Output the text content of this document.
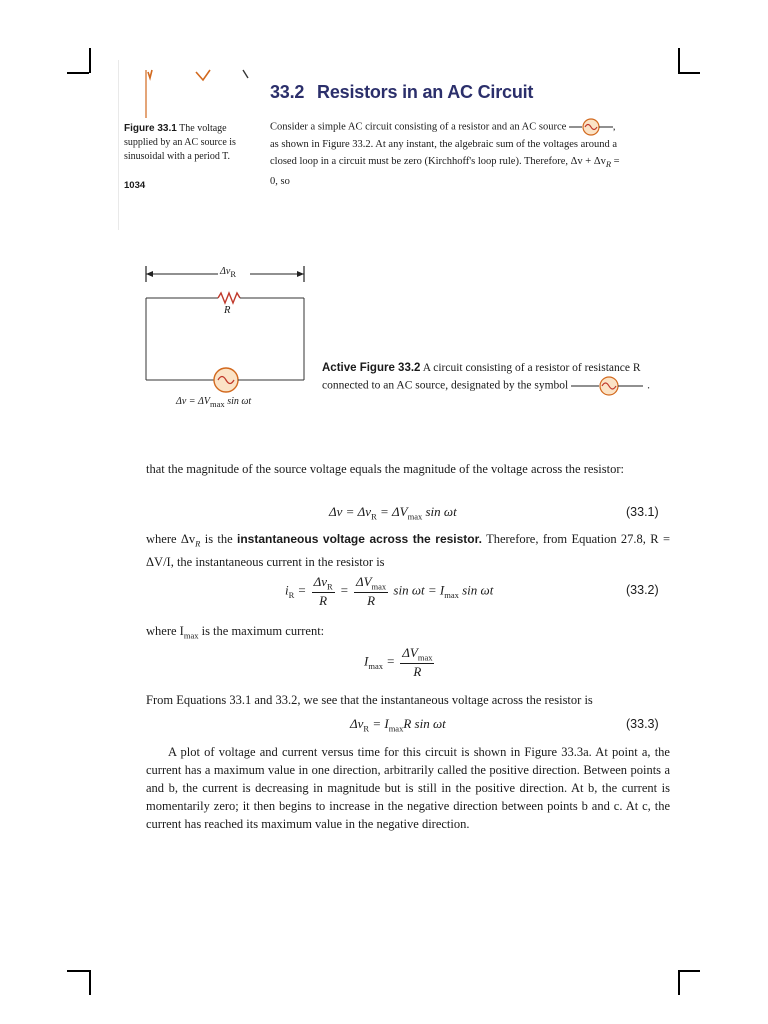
33.2 Resistors in an AC Circuit
Figure 33.1 The voltage supplied by an AC source is sinusoidal with a period T.
1034
Consider a simple AC circuit consisting of a resistor and an AC source	, as shown in Figure 33.2. At any instant, the algebraic sum of the voltages around a closed loop in a circuit must be zero (Kirchhoff's loop rule). Therefore, $\Delta v + \Delta v_R = 0$, so
$\Delta v_R$
R
$\Delta v = \Delta V_{max}$ sin ωt
Active Figure 33.2 A circuit consisting of a resistor of resistance R connected to an AC source, designated by the symbol	.
that the magnitude of the source voltage equals the magnitude of the voltage across the resistor:
$\Delta v = \Delta v_R = \Delta V_{max}$ sin ωt	(33.1)
where $\Delta v_R$ is the instantaneous voltage across the resistor. Therefore, from Equation 27.8, R = ΔV/I, the instantaneous current in the resistor is
$i_R = \frac{\Delta v_R}{R} = \frac{\Delta V_{max}}{R}$ $\sin \omega t = I_{max}$ sin ωt	(33.2)
where $I_{max}$ is the maximum current:
$I_{max} = \frac{\Delta V_{max}}{R}$
From Equations 33.1 and 33.2, we see that the instantaneous voltage across the resistor is
$\Delta v_R = I_{max}R$ sin ωt	(33.3)
A plot of voltage and current versus time for this circuit is shown in Figure 33.3a. At point a, the current has a maximum value in one direction, arbitrarily called the positive direction. Between points a and b, the current is decreasing in magnitude but is still in the positive direction. At b, the current is momentarily zero; it then begins to increase in the negative direction between points b and c. At c, the current has reached its maximum value in the negative direction.
